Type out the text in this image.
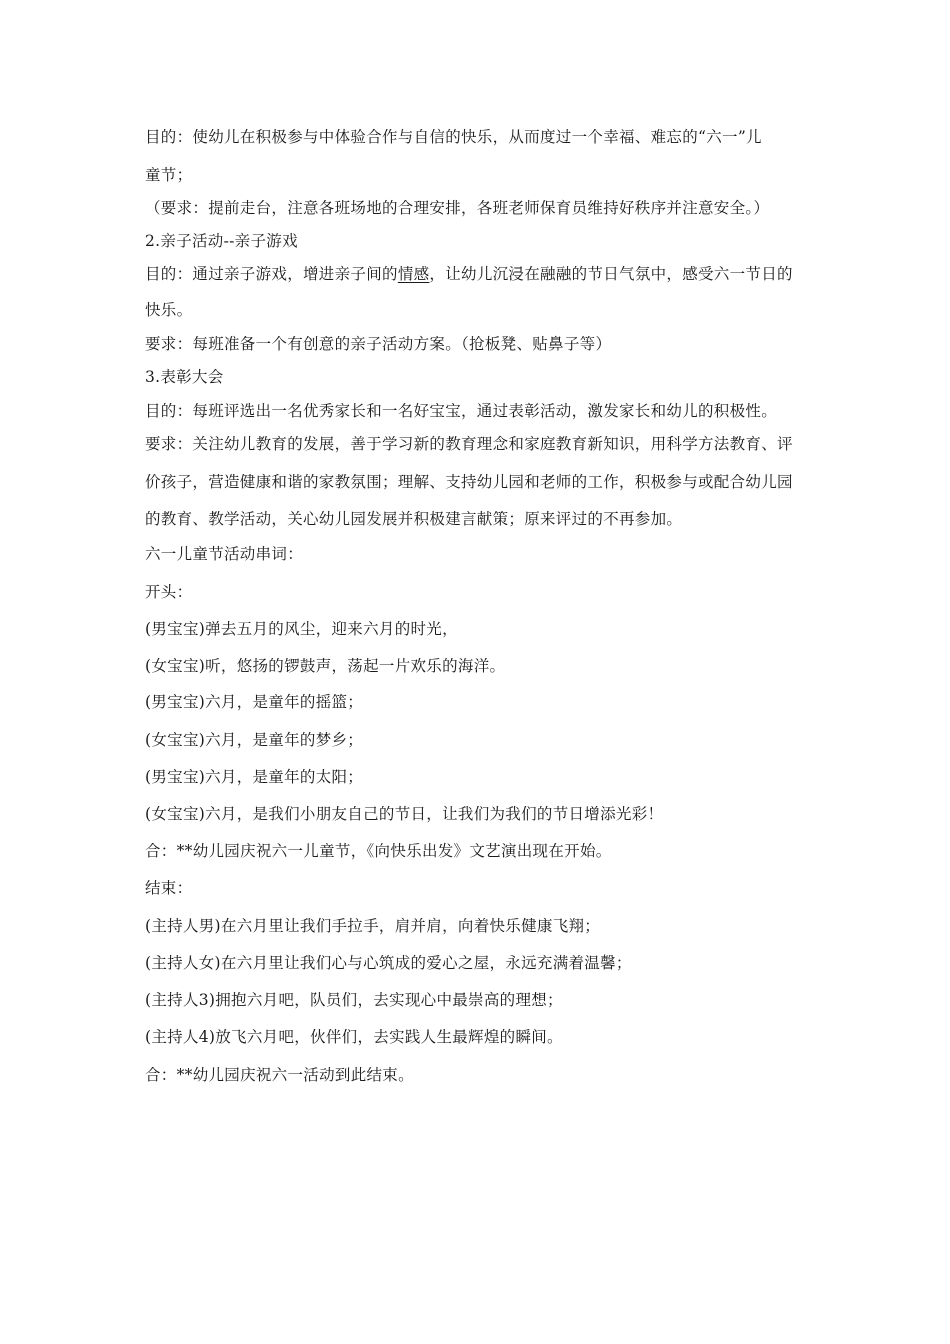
目的：使幼儿在积极参与中体验合作与自信的快乐，从而度过一个幸福、难忘的“六一”儿
童节；
（要求：提前走台，注意各班场地的合理安排，各班老师保育员维持好秩序并注意安全。）
2.亲子活动--亲子游戏
目的：通过亲子游戏，增进亲子间的情感，让幼儿沉浸在融融的节日气氛中，感受六一节日的
快乐。
要求：每班准备一个有创意的亲子活动方案。（抢板凳、贴鼻子等）
3.表彰大会
目的：每班评选出一名优秀家长和一名好宝宝，通过表彰活动，激发家长和幼儿的积极性。
要求：关注幼儿教育的发展，善于学习新的教育理念和家庭教育新知识，用科学方法教育、评
价孩子，营造健康和谐的家教氛围；理解、支持幼儿园和老师的工作，积极参与或配合幼儿园
的教育、教学活动，关心幼儿园发展并积极建言献策；原来评过的不再参加。
六一儿童节活动串词：
开头：
(男宝宝)弹去五月的风尘，迎来六月的时光，
(女宝宝)听，悠扬的锣鼓声，荡起一片欢乐的海洋。
(男宝宝)六月，是童年的摇篮；
(女宝宝)六月，是童年的梦乡；
(男宝宝)六月，是童年的太阳；
(女宝宝)六月，是我们小朋友自己的节日，让我们为我们的节日增添光彩！
合：**幼儿园庆祝六一儿童节，《向快乐出发》文艺演出现在开始。
结束：
(主持人男)在六月里让我们手拉手，肩并肩，向着快乐健康飞翔；
(主持人女)在六月里让我们心与心筑成的爱心之屋，永远充满着温馨；
(主持人3)拥抱六月吧，队员们，去实现心中最崇高的理想；
(主持人4)放飞六月吧，伙伴们，去实践人生最辉煌的瞬间。
合：**幼儿园庆祝六一活动到此结束。
